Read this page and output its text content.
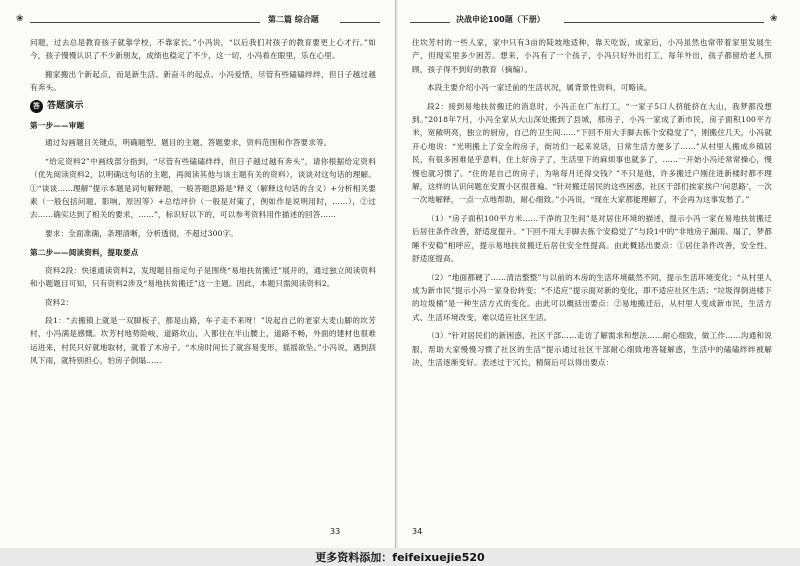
❀	第二篇 综合题

问题，过去总是教育孩子就靠学校，不靠家长。”小冯说，“以后我们对孩子的教育要更上心才行。”如今，孩子慢慢认识了不少新朋友，成绩也稳定了不少，这一切，小冯看在眼里，乐在心里。

搬家搬出个新起点，而是新生活、新奋斗的起点。小冯爱惜，尽管有些磕磕绊绊，但日子越过越有奔头。

答 答题演示
第一步——审题

通过勾画题目关键点，明确题型、题目的主题、答题要求，资料范围和作答要求等。

“给定资料2”中画线部分指到，“尽管有些磕磕绊绊，但日子越过越有奔头”，请你根据给定资料（优先阅读资料2，以明确这句话的主题，再阅读其他与该主题有关的资料），谈谈对这句话的理解。①“谈谈……理解”提示本题是词句解释题，一般答题思路是“释义（解释这句话的含义）+分析相关要素（一般包括问题、影响、原因等）+总结评价（一般是对策了，例如作是说明用时，……），②过去……确实达到了相关的要求，……”，标识好以下的，可以参考资料用作描述的回答……

要求：全面准确，条理清晰，分析透彻，不超过300字。

第二步——阅读资料，提取要点

资料2段：快速通读资料2，发现题目指定句子是围绕“易地扶贫搬迁”展开的，通过独立阅读资料和小题题目可知，只有资料2涉及“易地扶贫搬迁”这一主题。因此，本题只需阅读资料2。

资料2：

段1：“去搬镇上就是一双脚板子，都是山路，车子走不来呀！”说起自己的老家大麦山脚的坎芳村，小冯满是感慨。坎芳村地势险峻，道路坎山，人都住在半山腰上，道路不畅，外面的建材也很难运进来，村民只好就地取材，就着了木房子。“木房时间长了就容易变形，摇摇欲坠。”小冯说，遇到刮风下雨，就特别担心，怕房子倒塌……

33
决战申论100题（下册）	❀

住坎芳村的一些人家，家中只有3亩的陡坡地适种，靠天吃饭，成家后，小冯虽然也常带着家里发展生产，但现实里多少困苦。想来，小冯有了一个孩子，小冯只好外出打工，每年外出，孩子都留给老人照顾，孩子得不到好的教育（摘编）。

本段主要介绍小冯一家迁前的生活状况，属背景性资料，可略读。

段2：接到易地扶贫搬迁的消息时，小冯正在广东打工，“一家子5口人挤能挤在大山，我梦都没想到。”2018年7月，小冯全家从大山深处搬到了县城，那房子，小冯一家成了新市民，房子面积100平方米，宽敞明亮，独立的厨房，自己的卫生间……“下回不用大手脚去拣个安稳觉了”，刚搬住几天，小冯就开心地说：“光明搬上了安全的房子，街坊们一起来说话，日常生活方便多了……”从村里人搬成乡镇居民，有很多困难是乎意料，住上好房子了，生活里下的麻烦事也就多了，……一开始小冯还常常操心，慢慢也就习惯了。“住的是自己的房子，为啥每月还得交钱？”不只是他，许多搬迁户刚住进新楼时都不理解，这样的认识问题在安置小区很普遍。“针对搬迁居民的这些困惑，社区干部们挨家挨户‘问思路’，一次一次地解释，一点一点地帮助，耐心细致。”小冯说，“现在大家都能理解了，不会再为这事发愁了。”

（1）“房子面积100平方米……干净的卫生间”是对居住环境的描述，提示小冯一家在易地扶贫搬迁后居住条件改善，舒适度提升。“下回不用大手脚去拣个安稳觉了”与段1中的“非地房子漏雨、塌了，梦都睡不安稳”相呼应，提示易地扶贫搬迁后居住安全性提高。由此概括出要点：①居住条件改善，安全性、舒适度提高。

（2）“地面都硬了……清洁整整”与以前的木房的生活环境截然不同，提示生活环境变化；“从村里人成为新市民”提示小冯一家身份转变；“不适应”提示面对新的变化，即不适应社区生活；“垃圾得倒进楼下的垃圾桶”是一种生活方式的变化。由此可以概括出要点：②易地搬迁后，从村里人变成新市民，生活方式、生活环境改变，难以适应社区生活。

（3）“针对居民们的新困惑，社区干部……走访了解需求和想法……耐心细致，做工作……沟通和说服，帮助大家慢慢习惯了社区的生活”提示通过社区干部耐心细致地答疑解惑，生活中的磕磕绊绊被解决，生活逐渐变好。表述过于冗长，精简后可以得出要点：

34
更多资料添加：feifeixuejie520
